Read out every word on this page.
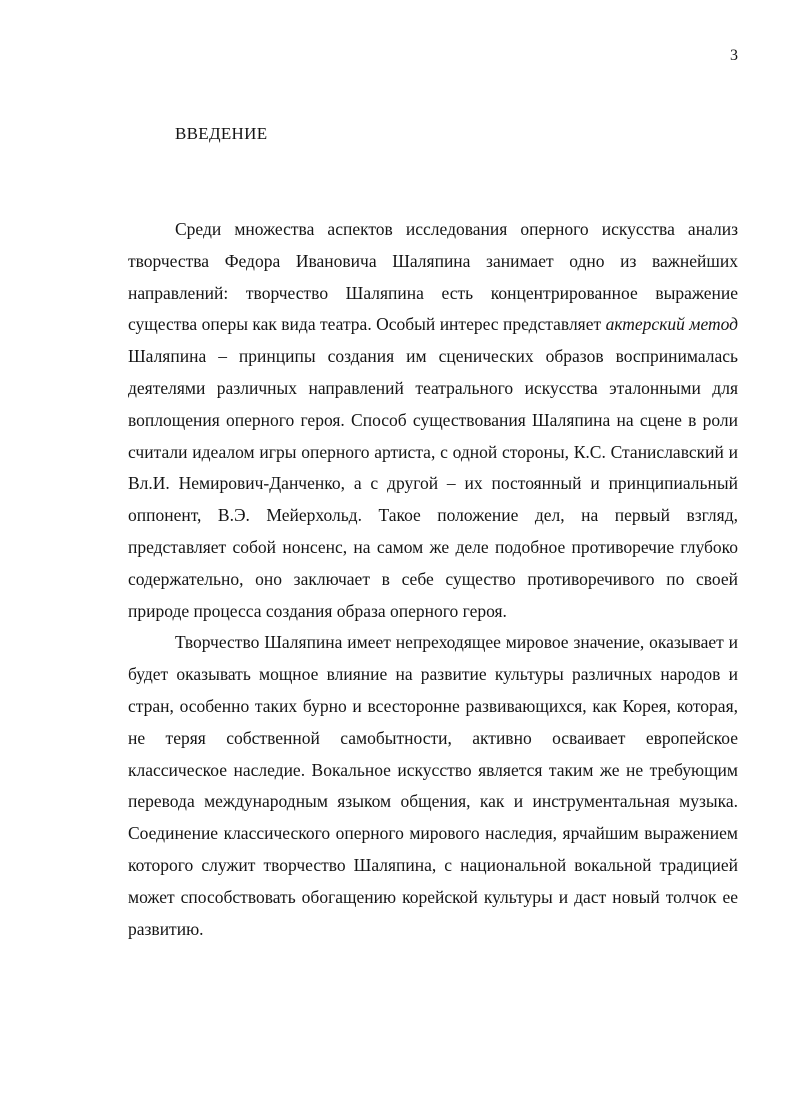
3
ВВЕДЕНИЕ

Среди множества аспектов исследования оперного искусства анализ творчества Федора Ивановича Шаляпина занимает одно из важнейших направлений: творчество Шаляпина есть концентрированное выражение существа оперы как вида театра. Особый интерес представляет актерский метод Шаляпина – принципы создания им сценических образов воспринималась деятелями различных направлений театрального искусства эталонными для воплощения оперного героя. Способ существования Шаляпина на сцене в роли считали идеалом игры оперного артиста, с одной стороны, К.С. Станиславский и Вл.И. Немирович-Данченко, а с другой – их постоянный и принципиальный оппонент, В.Э. Мейерхольд. Такое положение дел, на первый взгляд, представляет собой нонсенс, на самом же деле подобное противоречие глубоко содержательно, оно заключает в себе существо противоречивого по своей природе процесса создания образа оперного героя.

Творчество Шаляпина имеет непреходящее мировое значение, оказывает и будет оказывать мощное влияние на развитие культуры различных народов и стран, особенно таких бурно и всесторонне развивающихся, как Корея, которая, не теряя собственной самобытности, активно осваивает европейское классическое наследие. Вокальное искусство является таким же не требующим перевода международным языком общения, как и инструментальная музыка. Соединение классического оперного мирового наследия, ярчайшим выражением которого служит творчество Шаляпина, с национальной вокальной традицией может способствовать обогащению корейской культуры и даст новый толчок ее развитию.
